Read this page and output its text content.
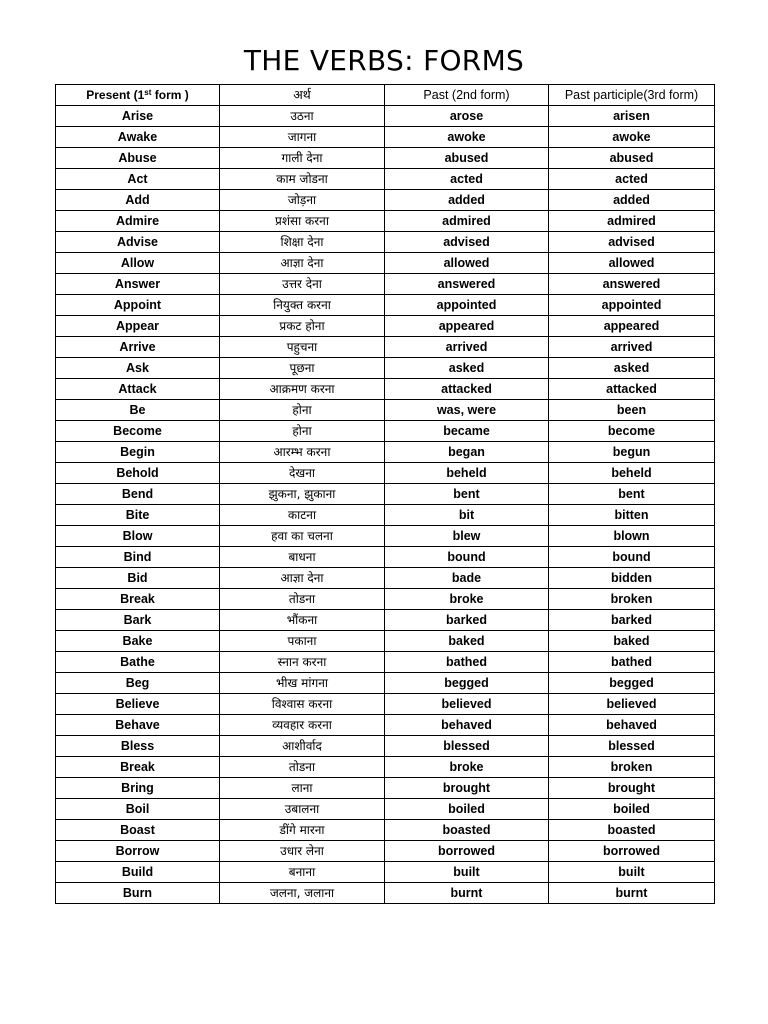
THE VERBS: FORMS
Present (1st form )	अर्थ	Past (2nd form)	Past participle(3rd form)
Arise	उठना	arose	arisen
Awake	जागना	awoke	awoke
Abuse	गाली देना	abused	abused
Act	काम जोडना	acted	acted
Add	जोड़ना	added	added
Admire	प्रशंसा करना	admired	admired
Advise	शिक्षा देना	advised	advised
Allow	आज्ञा देना	allowed	allowed
Answer	उत्तर देना	answered	answered
Appoint	नियुक्त करना	appointed	appointed
Appear	प्रकट होना	appeared	appeared
Arrive	पहुचना	arrived	arrived
Ask	पूछना	asked	asked
Attack	आक्रमण करना	attacked	attacked
Be	होना	was, were	been
Become	होना	became	become
Begin	आरम्भ करना	began	begun
Behold	देखना	beheld	beheld
Bend	झुकना, झुकाना	bent	bent
Bite	काटना	bit	bitten
Blow	हवा का चलना	blew	blown
Bind	बाधना	bound	bound
Bid	आज्ञा देना	bade	bidden
Break	तोडना	broke	broken
Bark	भौंकना	barked	barked
Bake	पकाना	baked	baked
Bathe	स्नान करना	bathed	bathed
Beg	भीख मांगना	begged	begged
Believe	विश्वास करना	believed	believed
Behave	व्यवहार करना	behaved	behaved
Bless	आशीर्वाद	blessed	blessed
Break	तोडना	broke	broken
Bring	लाना	brought	brought
Boil	उबालना	boiled	boiled
Boast	डींगे मारना	boasted	boasted
Borrow	उधार लेना	borrowed	borrowed
Build	बनाना	built	built
Burn	जलना, जलाना	burnt	burnt
